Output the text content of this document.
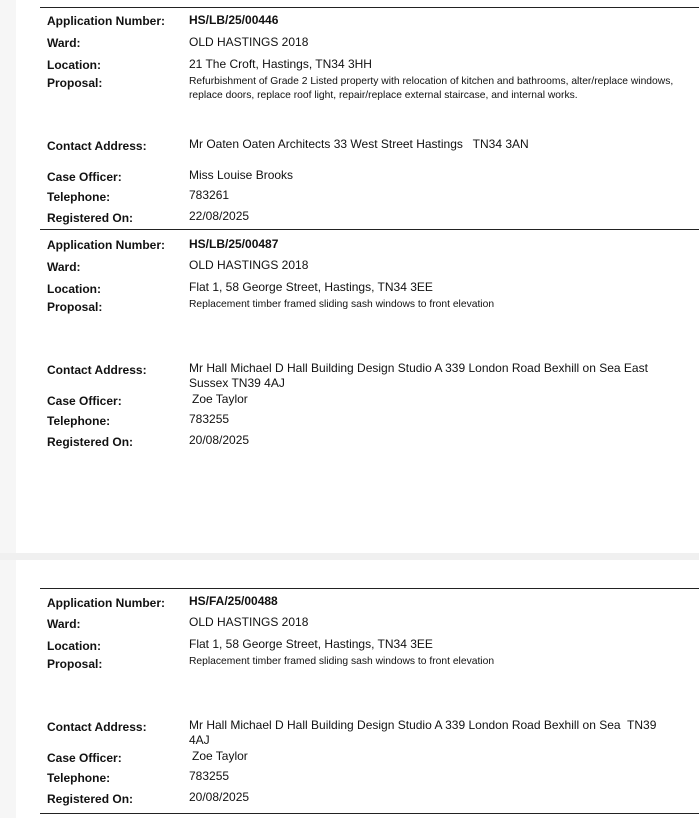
Application Number: HS/LB/25/00446
Ward:	OLD HASTINGS 2018
Location:	21 The Croft, Hastings, TN34 3HH
Proposal:	Refurbishment of Grade 2 Listed property with relocation of kitchen and bathrooms, alter/replace windows, replace doors, replace roof light, repair/replace external staircase, and internal works.
Contact Address:	Mr Oaten Oaten Architects 33 West Street Hastings   TN34 3AN
Case Officer:	Miss Louise Brooks
Telephone:	783261
Registered On:	22/08/2025
Application Number: HS/LB/25/00487
Ward:	OLD HASTINGS 2018
Location:	Flat 1, 58 George Street, Hastings, TN34 3EE
Proposal:	Replacement timber framed sliding sash windows to front elevation
Contact Address:	Mr Hall Michael D Hall Building Design Studio A 339 London Road Bexhill on Sea East Sussex TN39 4AJ
Case Officer:	Zoe Taylor
Telephone:	783255
Registered On:	20/08/2025
Application Number: HS/FA/25/00488
Ward:	OLD HASTINGS 2018
Location:	Flat 1, 58 George Street, Hastings, TN34 3EE
Proposal:	Replacement timber framed sliding sash windows to front elevation
Contact Address:	Mr Hall Michael D Hall Building Design Studio A 339 London Road Bexhill on Sea  TN39 4AJ
Case Officer:	Zoe Taylor
Telephone:	783255
Registered On:	20/08/2025
